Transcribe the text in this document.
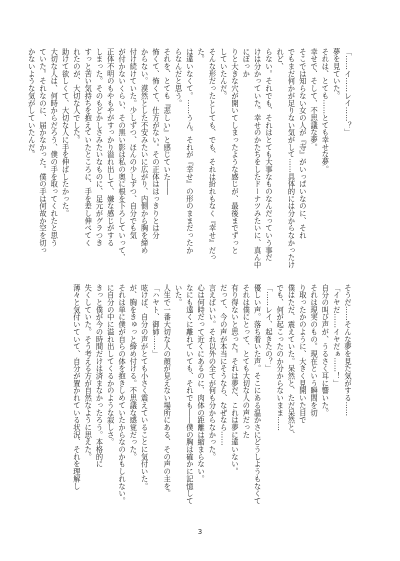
「……イ……レイ……？」
夢を見ていた。
それは、とても……とても幸せな夢。
幸せで、そして、不思議な夢。
そこでは知らない女の人が『寺』がいっぱいなのに、それ
でもまだ何かが足りない気がして……具体的には分からなかったけれど、
らない。それでも、それはとても大事なものなんだっていう事だ
けは分かっていた。幸せのかたちをしたドーナツみたいに、真ん中にぽっか
りと大きな穴が開いてしまったような感じが、最後までずっと
していたんだ。
そんな形だったとしても、でも、それは紛れもなく『幸せ』だった。
は違いなくて。……うん。それが『幸せ』の形のままだったか
らなんだと思う。
それを、とても『悲しい』と感じていた――
怖くて、怖くて、仕方がない。その正体ははっきりとは分
からない。漠然とした不安みたいに広がり、内側から胸を締め
付け続けていた。少しずつ、ほんの少しずつ、自分でも気
が付かないくらい、その黒い影は私の奥に根を下ろしていって、
正体不明のもやもやがすっかり溢れ出して、嫌な感じがする
しまった。そのもどかしさみたいなものに、足元がグラつき
すっと苦い気持ちを抱えていたところに、手を差し伸べてく
れたのが、大切な人でした。
助けて欲しくて、大切な人に手を伸ばしたかった。
大切な人は、何時からだろう、僕の手を取ってくれたと思う
ていた。それなのに、届かなかった。僕の手は何故か空を切っ
かないような気がしていたんだ。
そうだ……そんな夢を見た気がする……
「イヤだ……イヤだぁ……！」
自分の叫び声が、うるさく耳に響いた。
それは現実のもの。現在という瞬間を切
り取ったかのように、大きく見開いた目で
僕はただ、震えていた。呆然と、ただ呆然と、
でも、何が起こったのか分からないまま……
「……レイ、起きたの？」
優しい声。落ち着いた声。そこにある温かさにどうしようもなくて
それは僕にとって、とても大切な人の声だった
有り得ないと思った。それは夢だ、これは夢に違いない。
だって、今の声が本当にそうなら、なぜなら……
言えばいい。それ以外の全てが何も分からなかった。
心は何時だって近くにあるのに、肉体の距離は縮まらない。
なにも遠くに離れていても、それでも――僕の胸は確かに記憶していた。
人生で一番大切な人の顔が見えない場所にある、その声の主を。
「ハヤト、御姉……」
呟けば、自分の声がとても小さく震えていることに気付いた。
が、胸をきゅっと締め付ける。不思議な感覚だった。
それは単に僕が自らの体を抱きしめていたからなのかもしれない。
に自分の中に溢れ出してくるかのような寂しさ。
きっと僕が今の時間だけは済まなかったろう。本格的に
失くしていた。そう考える方が自然なように思えた。
薄々と気付いていて、自分が置かれている状況、それを理解し
3
